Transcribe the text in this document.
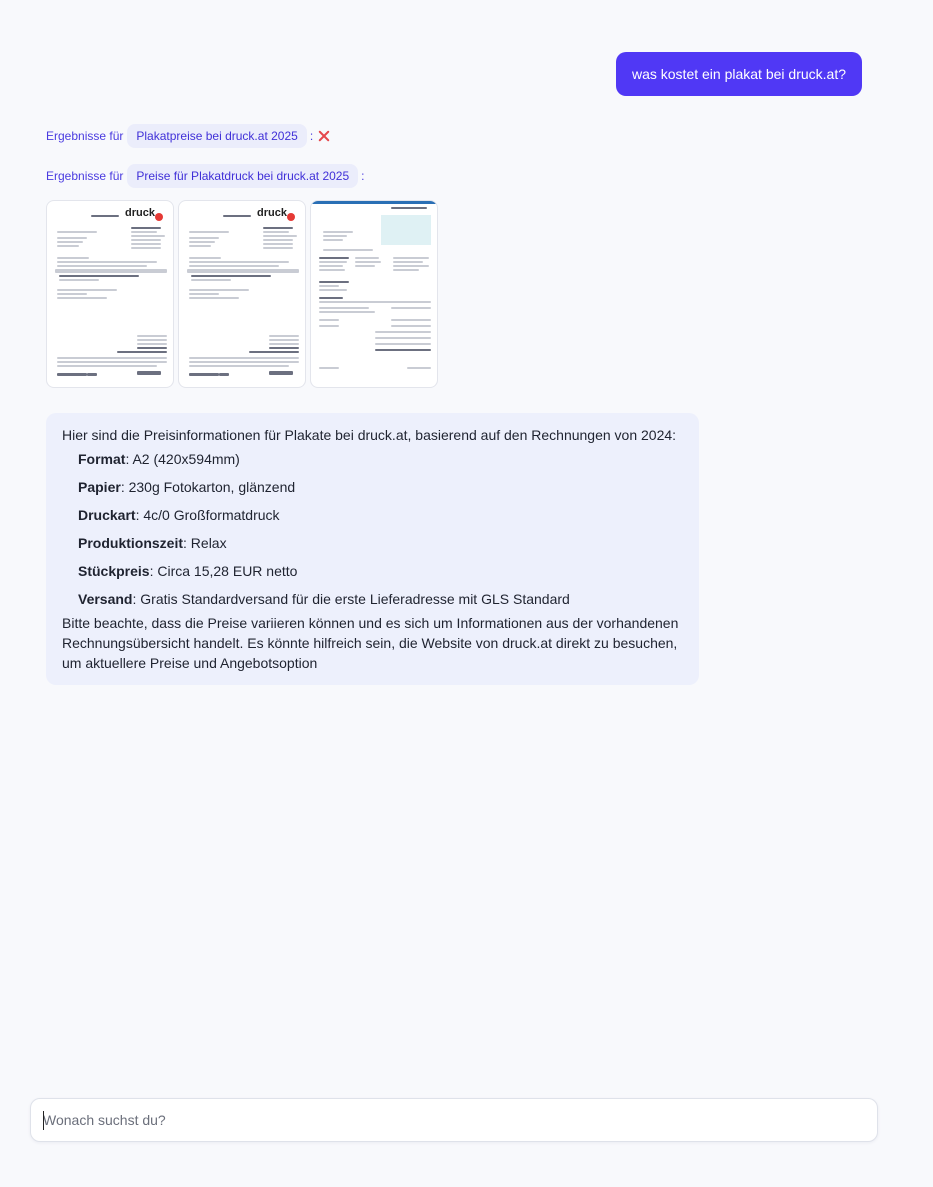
was kostet ein plakat bei druck.at?
Ergebnisse für	Plakatpreise bei druck.at 2025	:
Ergebnisse für	Preise für Plakatdruck bei druck.at 2025	:
druck	druck

Hier sind die Preisinformationen für Plakate bei druck.at, basierend auf den Rechnungen von 2024:

Format: A2 (420x594mm)
Papier: 230g Fotokarton, glänzend
Druckart: 4c/0 Großformatdruck
Produktionszeit: Relax
Stückpreis: Circa 15,28 EUR netto
Versand: Gratis Standardversand für die erste Lieferadresse mit GLS Standard

Bitte beachte, dass die Preise variieren können und es sich um Informationen aus der vorhandenen Rechnungsübersicht handelt. Es könnte hilfreich sein, die Website von druck.at direkt zu besuchen, um aktuellere Preise und Angebotsoption

Wonach suchst du?
